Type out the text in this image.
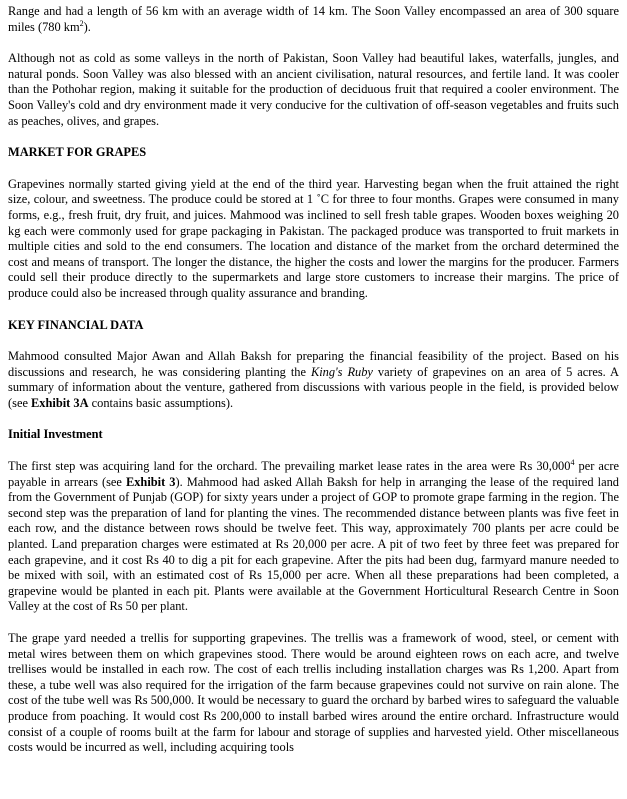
Range and had a length of 56 km with an average width of 14 km. The Soon Valley encompassed an area of 300 square miles (780 $km^2$).

Although not as cold as some valleys in the north of Pakistan, Soon Valley had beautiful lakes, waterfalls, jungles, and natural ponds. Soon Valley was also blessed with an ancient civilisation, natural resources, and fertile land. It was cooler than the Pothohar region, making it suitable for the production of deciduous fruit that required a cooler environment. The Soon Valley's cold and dry environment made it very conducive for the cultivation of off-season vegetables and fruits such as peaches, olives, and grapes.

MARKET FOR GRAPES

Grapevines normally started giving yield at the end of the third year. Harvesting began when the fruit attained the right size, colour, and sweetness. The produce could be stored at 1 ˚C for three to four months. Grapes were consumed in many forms, e.g., fresh fruit, dry fruit, and juices. Mahmood was inclined to sell fresh table grapes. Wooden boxes weighing 20 kg each were commonly used for grape packaging in Pakistan. The packaged produce was transported to fruit markets in multiple cities and sold to the end consumers. The location and distance of the market from the orchard determined the cost and means of transport. The longer the distance, the higher the costs and lower the margins for the producer. Farmers could sell their produce directly to the supermarkets and large store customers to increase their margins. The price of produce could also be increased through quality assurance and branding.

KEY FINANCIAL DATA

Mahmood consulted Major Awan and Allah Baksh for preparing the financial feasibility of the project. Based on his discussions and research, he was considering planting the King's Ruby variety of grapevines on an area of 5 acres. A summary of information about the venture, gathered from discussions with various people in the field, is provided below (see Exhibit 3A contains basic assumptions).

Initial Investment

The first step was acquiring land for the orchard. The prevailing market lease rates in the area were Rs 30,000$^4$ per acre payable in arrears (see Exhibit 3). Mahmood had asked Allah Baksh for help in arranging the lease of the required land from the Government of Punjab (GOP) for sixty years under a project of GOP to promote grape farming in the region. The second step was the preparation of land for planting the vines. The recommended distance between plants was five feet in each row, and the distance between rows should be twelve feet. This way, approximately 700 plants per acre could be planted. Land preparation charges were estimated at Rs 20,000 per acre. A pit of two feet by three feet was prepared for each grapevine, and it cost Rs 40 to dig a pit for each grapevine. After the pits had been dug, farmyard manure needed to be mixed with soil, with an estimated cost of Rs 15,000 per acre. When all these preparations had been completed, a grapevine would be planted in each pit. Plants were available at the Government Horticultural Research Centre in Soon Valley at the cost of Rs 50 per plant.

The grape yard needed a trellis for supporting grapevines. The trellis was a framework of wood, steel, or cement with metal wires between them on which grapevines stood. There would be around eighteen rows on each acre, and twelve trellises would be installed in each row. The cost of each trellis including installation charges was Rs 1,200. Apart from these, a tube well was also required for the irrigation of the farm because grapevines could not survive on rain alone. The cost of the tube well was Rs 500,000. It would be necessary to guard the orchard by barbed wires to safeguard the valuable produce from poaching. It would cost Rs 200,000 to install barbed wires around the entire orchard. Infrastructure would consist of a couple of rooms built at the farm for labour and storage of supplies and harvested yield. Other miscellaneous costs would be incurred as well, including acquiring tools
